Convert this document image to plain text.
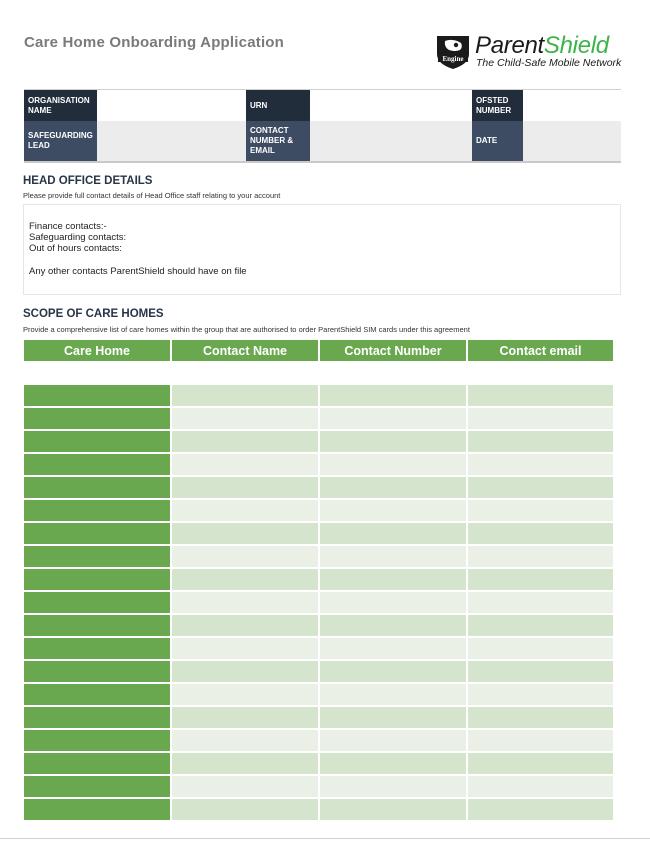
Care Home Onboarding Application
Engine ParentShield
The Child-Safe Mobile Network
ORGANISATION NAME		URN		OFSTED NUMBER	
SAFEGUARDING LEAD		CONTACT NUMBER & EMAIL		DATE	
HEAD OFFICE DETAILS
Please provide full contact details of Head Office staff relating to your account
Finance contacts:-
Safeguarding contacts:
Out of hours contacts:
Any other contacts ParentShield should have on file
SCOPE OF CARE HOMES
Provide a comprehensive list of care homes within the group that are authorised to order ParentShield SIM cards under this agreement
Care Home	Contact Name	Contact Number	Contact email
